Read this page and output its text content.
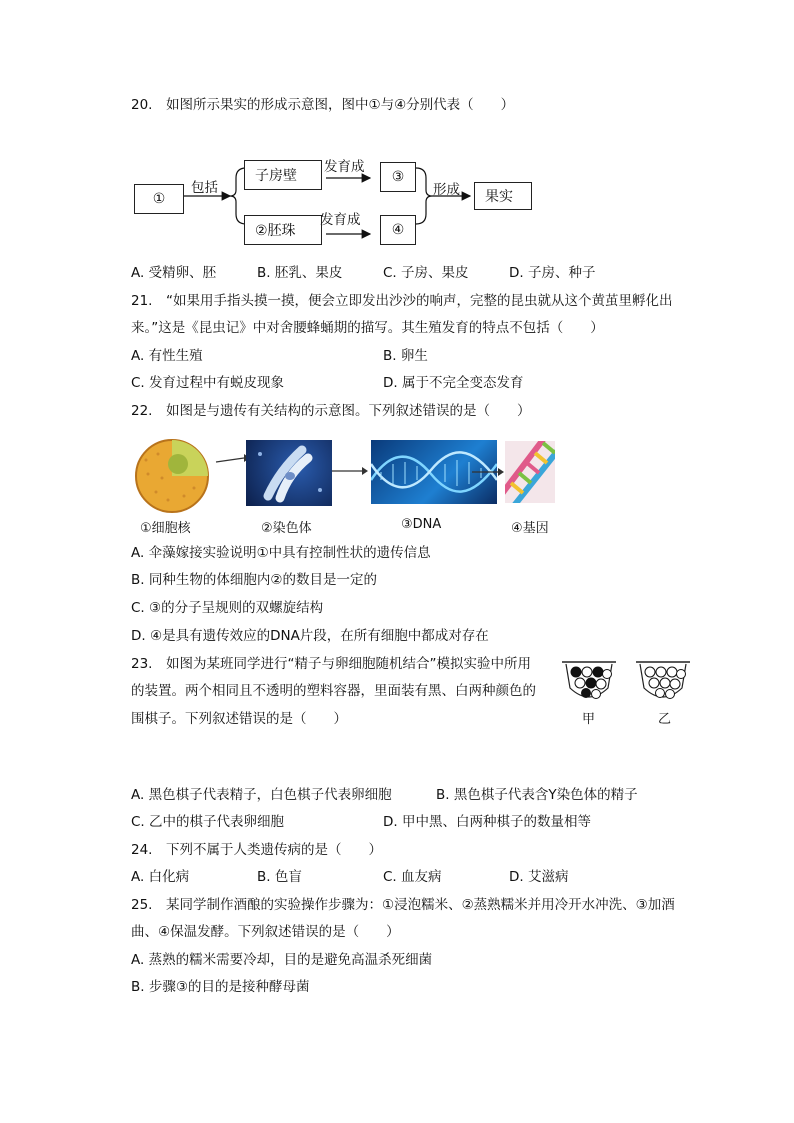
20.　如图所示果实的形成示意图，图中①与④分别代表（　　）
①
包括
子房壁
②胚珠
发育成
发育成
③
④
形成	果实
A. 受精卵、胚	B. 胚乳、果皮	C. 子房、果皮	D. 子房、种子
21.　“如果用手指头摸一摸，便会立即发出沙沙的响声，完整的昆虫就从这个黄茧里孵化出
来。”这是《昆虫记》中对舍腰蜂蛹期的描写。其生殖发育的特点不包括（　　）
A. 有性生殖	B. 卵生
C. 发育过程中有蜕皮现象	D. 属于不完全变态发育
22.　如图是与遗传有关结构的示意图。下列叙述错误的是（　　）
①细胞核	②染色体	③DNA	④基因
A. 伞藻嫁接实验说明①中具有控制性状的遗传信息
B. 同种生物的体细胞内②的数目是一定的
C. ③的分子呈规则的双螺旋结构
D. ④是具有遗传效应的DNA片段，在所有细胞中都成对存在
23.　如图为某班同学进行“精子与卵细胞随机结合”模拟实验中所用
的装置。两个相同且不透明的塑料容器，里面装有黑、白两种颜色的
围棋子。下列叙述错误的是（　　）	甲	乙
A. 黑色棋子代表精子，白色棋子代表卵细胞	B. 黑色棋子代表含Y染色体的精子
C. 乙中的棋子代表卵细胞	D. 甲中黑、白两种棋子的数量相等
24.　下列不属于人类遗传病的是（　　）
A. 白化病	B. 色盲	C. 血友病	D. 艾滋病
25.　某同学制作酒酿的实验操作步骤为：①浸泡糯米、②蒸熟糯米并用冷开水冲洗、③加酒
曲、④保温发酵。下列叙述错误的是（　　）
A. 蒸熟的糯米需要冷却，目的是避免高温杀死细菌
B. 步骤③的目的是接种酵母菌
